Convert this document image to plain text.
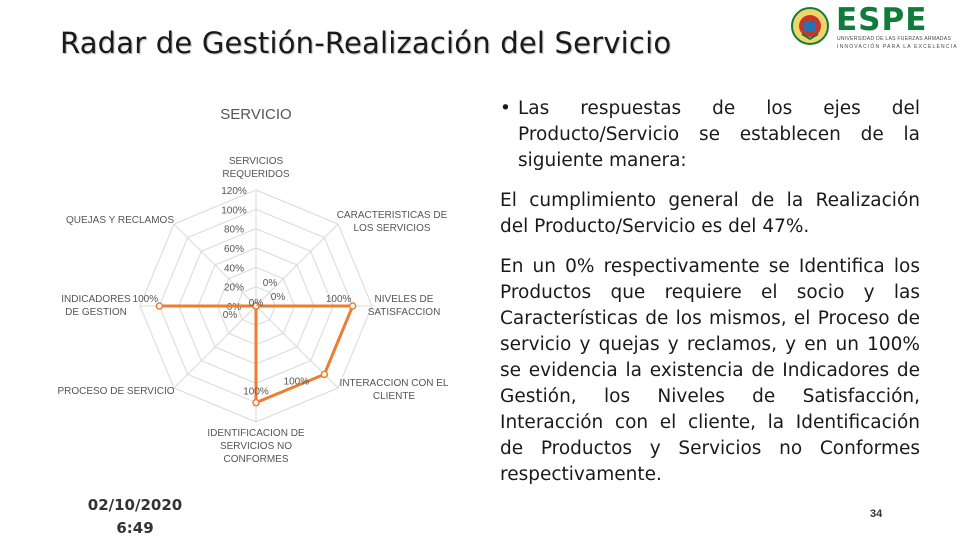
Radar de Gestión-Realización del Servicio
ESPE
UNIVERSIDAD DE LAS FUERZAS ARMADAS
INNOVACIÓN PARA LA EXCELENCIA
SERVICIO
0%
20%
40%
60%
80%
100%
120%
0%
0%	100%
100%
100%
0%
100%	0%
SERVICIOS REQUERIDOS
CARACTERISTICAS DE LOS SERVICIOS
NIVELES DE SATISFACCION
INTERACCION CON EL CLIENTE
IDENTIFICACION DE SERVICIOS NO CONFORMES
PROCESO DE SERVICIO
INDICADORES DE GESTION
QUEJAS Y RECLAMOS
02/10/2020
6:49
• Las respuestas de los ejes del Producto/Servicio se establecen de la siguiente manera:
El cumplimiento general de la Realización del Producto/Servicio es del 47%.
En un 0% respectivamente se Identifica los Productos que requiere el socio y las Características de los mismos, el Proceso de servicio y quejas y reclamos, y en un 100% se evidencia la existencia de Indicadores de Gestión, los Niveles de Satisfacción, Interacción con el cliente, la Identificación de Productos y Servicios no Conformes respectivamente.
34
